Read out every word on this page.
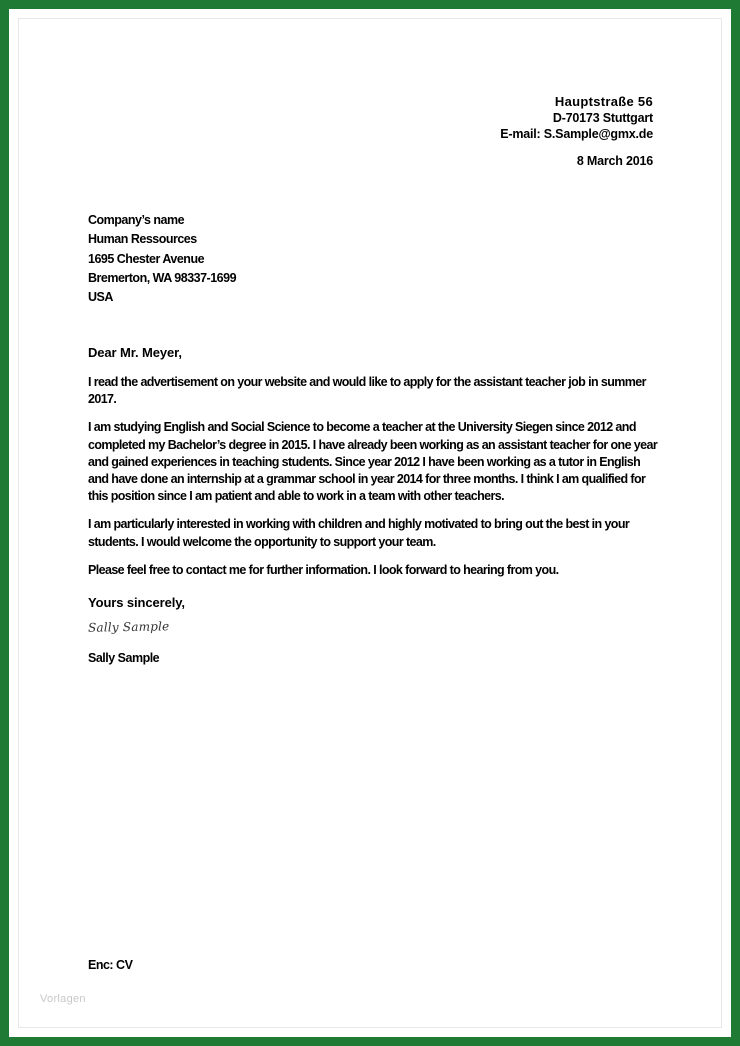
Hauptstraße 56
D-70173 Stuttgart
E-mail: S.Sample@gmx.de
8 March 2016
Company’s name
Human Ressources
1695 Chester Avenue
Bremerton, WA 98337-1699
USA
Dear Mr. Meyer,

I read the advertisement on your website and would like to apply for the assistant teacher job in summer 2017.

I am studying English and Social Science to become a teacher at the University Siegen since 2012 and completed my Bachelor’s degree in 2015. I have already been working as an assistant teacher for one year and gained experiences in teaching students. Since year 2012 I have been working as a tutor in English and have done an internship at a grammar school in year 2014 for three months. I think I am qualified for this position since I am patient and able to work in a team with other teachers.

I am particularly interested in working with children and highly motivated to bring out the best in your students. I would welcome the opportunity to support your team.

Please feel free to contact me for further information. I look forward to hearing from you.

Yours sincerely,
Sally Sample
Sally Sample
Enc: CV
Vorlagen
